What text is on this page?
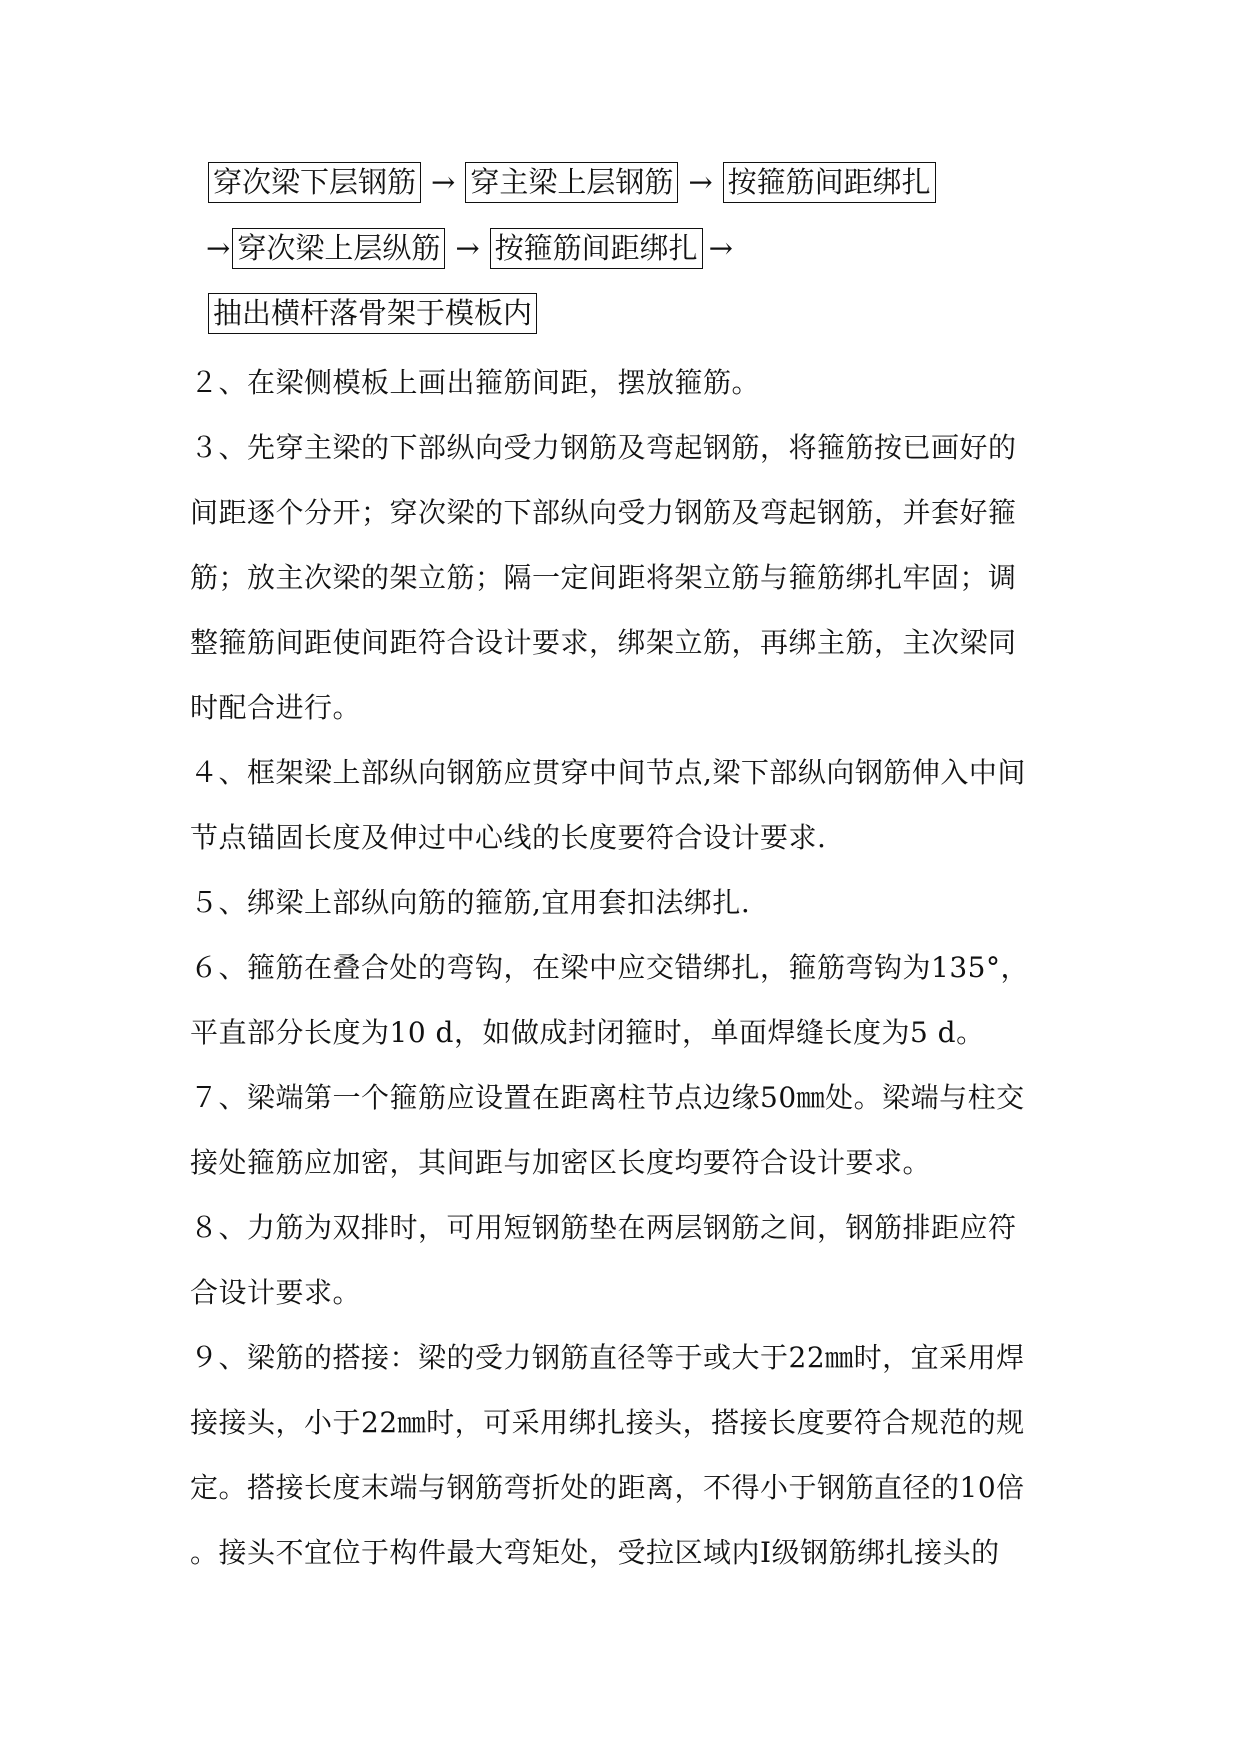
穿次梁下层钢筋 → 穿主梁上层钢筋 → 按箍筋间距绑扎
→ 穿次梁上层纵筋 → 按箍筋间距绑扎 →
抽出横杆落骨架于模板内
２、在梁侧模板上画出箍筋间距，摆放箍筋。
３、先穿主梁的下部纵向受力钢筋及弯起钢筋，将箍筋按已画好的
间距逐个分开；穿次梁的下部纵向受力钢筋及弯起钢筋，并套好箍
筋；放主次梁的架立筋；隔一定间距将架立筋与箍筋绑扎牢固；调
整箍筋间距使间距符合设计要求，绑架立筋，再绑主筋，主次梁同
时配合进行。
４、框架梁上部纵向钢筋应贯穿中间节点,梁下部纵向钢筋伸入中间
节点锚固长度及伸过中心线的长度要符合设计要求.
５、绑梁上部纵向筋的箍筋,宜用套扣法绑扎.
６、箍筋在叠合处的弯钩，在梁中应交错绑扎，箍筋弯钩为135°，
平直部分长度为10 d，如做成封闭箍时，单面焊缝长度为5 d。
７、梁端第一个箍筋应设置在距离柱节点边缘50㎜处。梁端与柱交
接处箍筋应加密，其间距与加密区长度均要符合设计要求。
８、力筋为双排时，可用短钢筋垫在两层钢筋之间，钢筋排距应符
合设计要求。
９、梁筋的搭接：梁的受力钢筋直径等于或大于22㎜时，宜采用焊
接接头，小于22㎜时，可采用绑扎接头，搭接长度要符合规范的规
定。搭接长度末端与钢筋弯折处的距离，不得小于钢筋直径的10倍
。接头不宜位于构件最大弯矩处，受拉区域内Ⅰ级钢筋绑扎接头的
